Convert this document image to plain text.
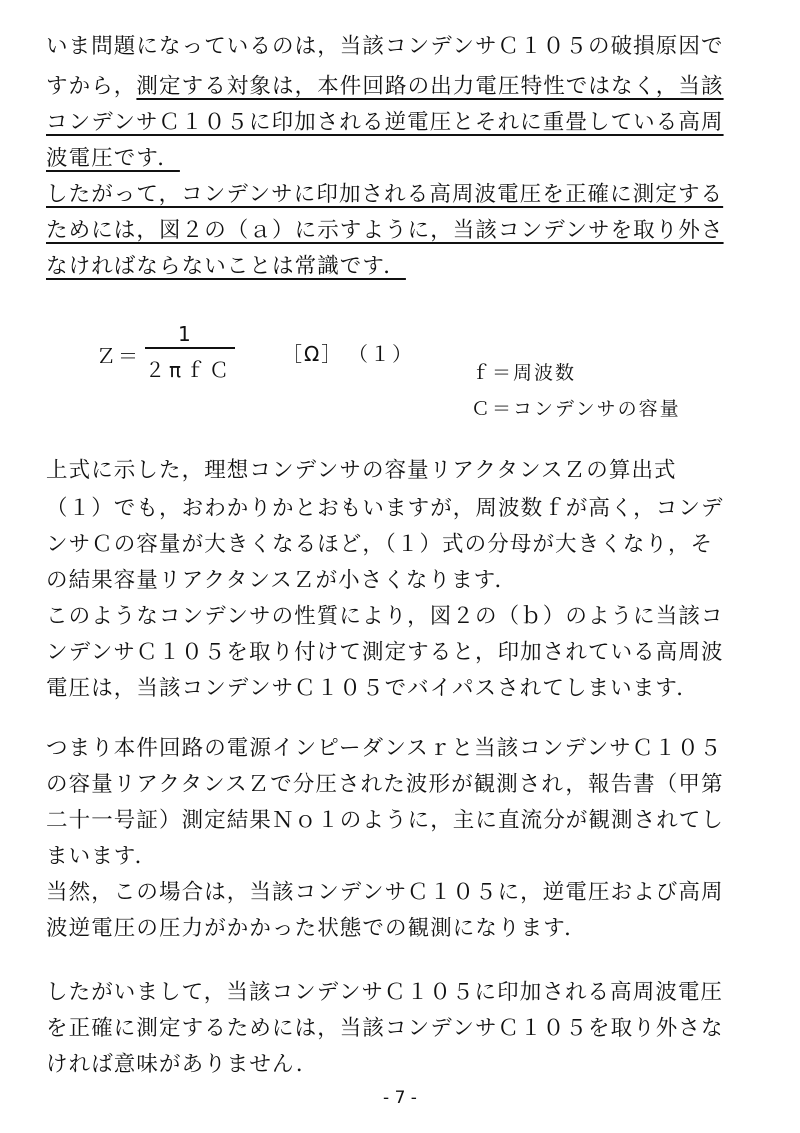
いま問題になっているのは，当該コンデンサＣ１０５の破損原因で
すから，測定する対象は，本件回路の出力電圧特性ではなく，当該
コンデンサＣ１０５に印加される逆電圧とそれに重畳している高周
波電圧です．
したがって，コンデンサに印加される高周波電圧を正確に測定する
ためには，図２の（ａ）に示すように，当該コンデンサを取り外さ
なければならないことは常識です．
Ｚ＝
1
２πｆＣ
［Ω］ （１）
ｆ＝周波数
Ｃ＝コンデンサの容量
上式に示した，理想コンデンサの容量リアクタンスＺの算出式
（１）でも，おわかりかとおもいますが，周波数ｆが高く，コンデ
ンサＣの容量が大きくなるほど，（１）式の分母が大きくなり，そ
の結果容量リアクタンスＺが小さくなります．
このようなコンデンサの性質により，図２の（ｂ）のように当該コ
ンデンサＣ１０５を取り付けて測定すると，印加されている高周波
電圧は，当該コンデンサＣ１０５でバイパスされてしまいます．
つまり本件回路の電源インピーダンスｒと当該コンデンサＣ１０５
の容量リアクタンスＺで分圧された波形が観測され，報告書（甲第
二十一号証）測定結果Ｎｏ１のように，主に直流分が観測されてし
まいます．
当然，この場合は，当該コンデンサＣ１０５に，逆電圧および高周
波逆電圧の圧力がかかった状態での観測になります．
したがいまして，当該コンデンサＣ１０５に印加される高周波電圧
を正確に測定するためには，当該コンデンサＣ１０５を取り外さな
ければ意味がありません．
- 7 -
